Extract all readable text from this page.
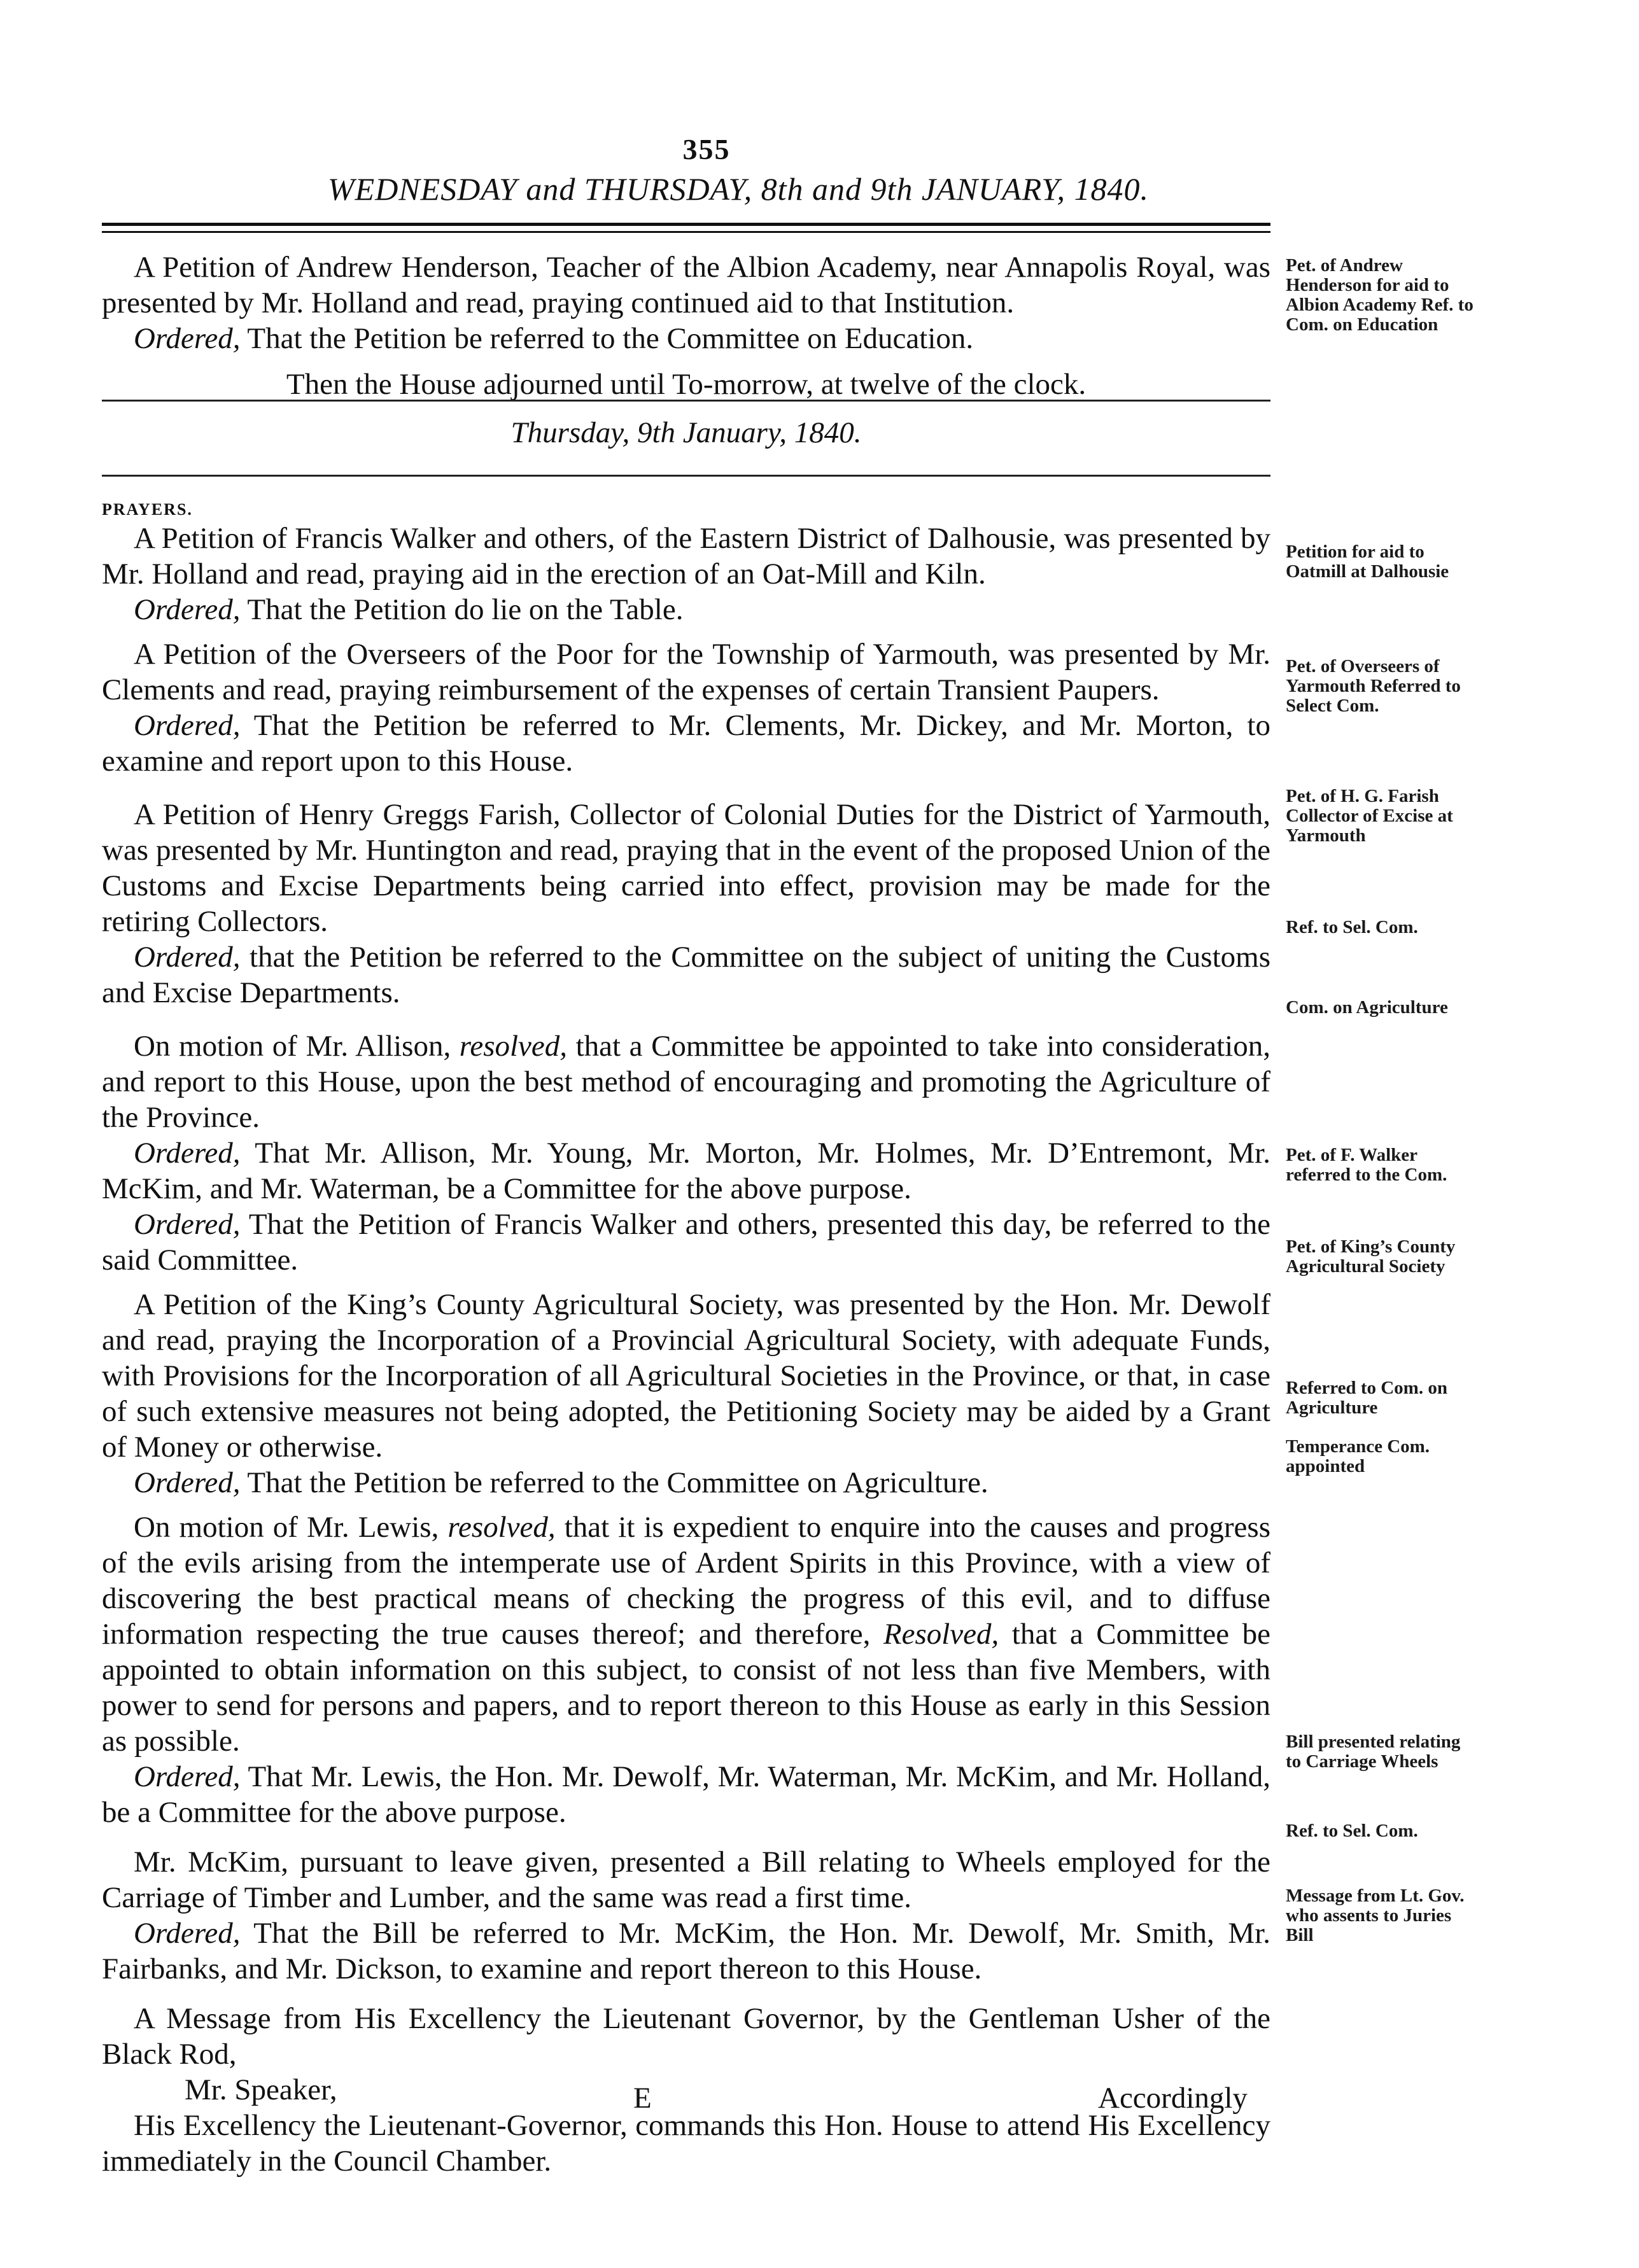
355
WEDNESDAY and THURSDAY, 8th and 9th JANUARY, 1840.

A Petition of Andrew Henderson, Teacher of the Albion Academy, near Annapolis Royal, was presented by Mr. Holland and read, praying continued aid to that Institution.

Ordered, That the Petition be referred to the Committee on Education.

Then the House adjourned until To-morrow, at twelve of the clock.

Thursday, 9th January, 1840.
PRAYERS.

A Petition of Francis Walker and others, of the Eastern District of Dalhousie, was presented by Mr. Holland and read, praying aid in the erection of an Oat-Mill and Kiln.

Ordered, That the Petition do lie on the Table.

A Petition of the Overseers of the Poor for the Township of Yarmouth, was presented by Mr. Clements and read, praying reimbursement of the expenses of certain Transient Paupers.

Ordered, That the Petition be referred to Mr. Clements, Mr. Dickey, and Mr. Morton, to examine and report upon to this House.

A Petition of Henry Greggs Farish, Collector of Colonial Duties for the District of Yarmouth, was presented by Mr. Huntington and read, praying that in the event of the proposed Union of the Customs and Excise Departments being carried into effect, provision may be made for the retiring Collectors.

Ordered, that the Petition be referred to the Committee on the subject of uniting the Customs and Excise Departments.

On motion of Mr. Allison, resolved, that a Committee be appointed to take into consideration, and report to this House, upon the best method of encouraging and promoting the Agriculture of the Province.

Ordered, That Mr. Allison, Mr. Young, Mr. Morton, Mr. Holmes, Mr. D’Entremont, Mr. McKim, and Mr. Waterman, be a Committee for the above purpose.

Ordered, That the Petition of Francis Walker and others, presented this day, be referred to the said Committee.

A Petition of the King’s County Agricultural Society, was presented by the Hon. Mr. Dewolf and read, praying the Incorporation of a Provincial Agricultural Society, with adequate Funds, with Provisions for the Incorporation of all Agricultural Societies in the Province, or that, in case of such extensive measures not being adopted, the Petitioning Society may be aided by a Grant of Money or otherwise.

Ordered, That the Petition be referred to the Committee on Agriculture.

On motion of Mr. Lewis, resolved, that it is expedient to enquire into the causes and progress of the evils arising from the intemperate use of Ardent Spirits in this Province, with a view of discovering the best practical means of checking the progress of this evil, and to diffuse information respecting the true causes thereof; and therefore, Resolved, that a Committee be appointed to obtain information on this subject, to consist of not less than five Members, with power to send for persons and papers, and to report thereon to this House as early in this Session as possible.

Ordered, That Mr. Lewis, the Hon. Mr. Dewolf, Mr. Waterman, Mr. McKim, and Mr. Holland, be a Committee for the above purpose.

Mr. McKim, pursuant to leave given, presented a Bill relating to Wheels employed for the Carriage of Timber and Lumber, and the same was read a first time.

Ordered, That the Bill be referred to Mr. McKim, the Hon. Mr. Dewolf, Mr. Smith, Mr. Fairbanks, and Mr. Dickson, to examine and report thereon to this House.

A Message from His Excellency the Lieutenant Governor, by the Gentleman Usher of the Black Rod,

Mr. Speaker,

His Excellency the Lieutenant-Governor, commands this Hon. House to attend His Excellency immediately in the Council Chamber.

Pet. of Andrew Henderson for aid to Albion Academy Ref. to Com. on Education
Petition for aid to Oatmill at Dalhousie
Pet. of Overseers of Yarmouth Referred to Select Com.
Pet. of H. G. Farish Collector of Excise at Yarmouth
Ref. to Sel. Com.
Com. on Agriculture
Pet. of F. Walker referred to the Com.
Pet. of King’s County Agricultural Society
Referred to Com. on Agriculture
Temperance Com. appointed
Bill presented relating to Carriage Wheels
Ref. to Sel. Com.
Message from Lt. Gov. who assents to Juries Bill
E	Accordingly
